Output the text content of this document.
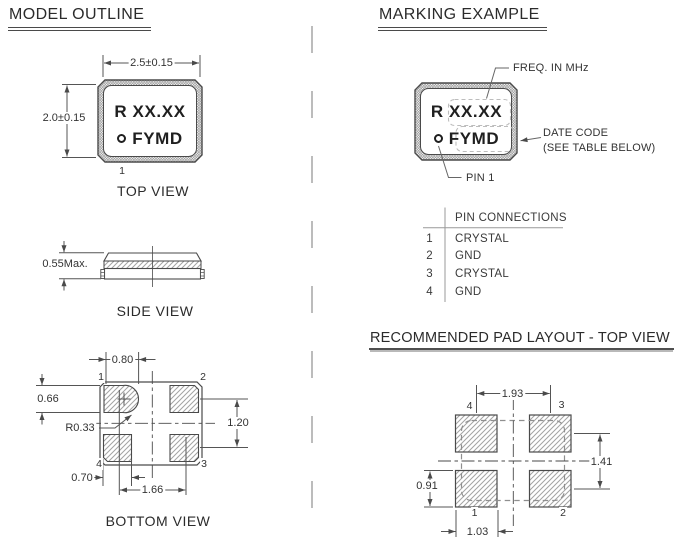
MODEL OUTLINE	MARKING EXAMPLE
RECOMMENDED PAD LAYOUT - TOP VIEW
R XX.XX
FYMD
R XX.XX
FYMD
TOP VIEW
SIDE VIEW
BOTTOM VIEW
2.5±0.15
2.0±0.15
0.55Max.
0.80
0.66
R0.33	1.20
0.70
1.66
1
1	2
3
4
FREQ. IN MHz
DATE CODE
(SEE TABLE BELOW)
PIN 1
PIN CONNECTIONS
1 CRYSTAL
2 GND
3 CRYSTAL
4 GND
1.93
1.41
0.91
1.03
4	3
1	2
